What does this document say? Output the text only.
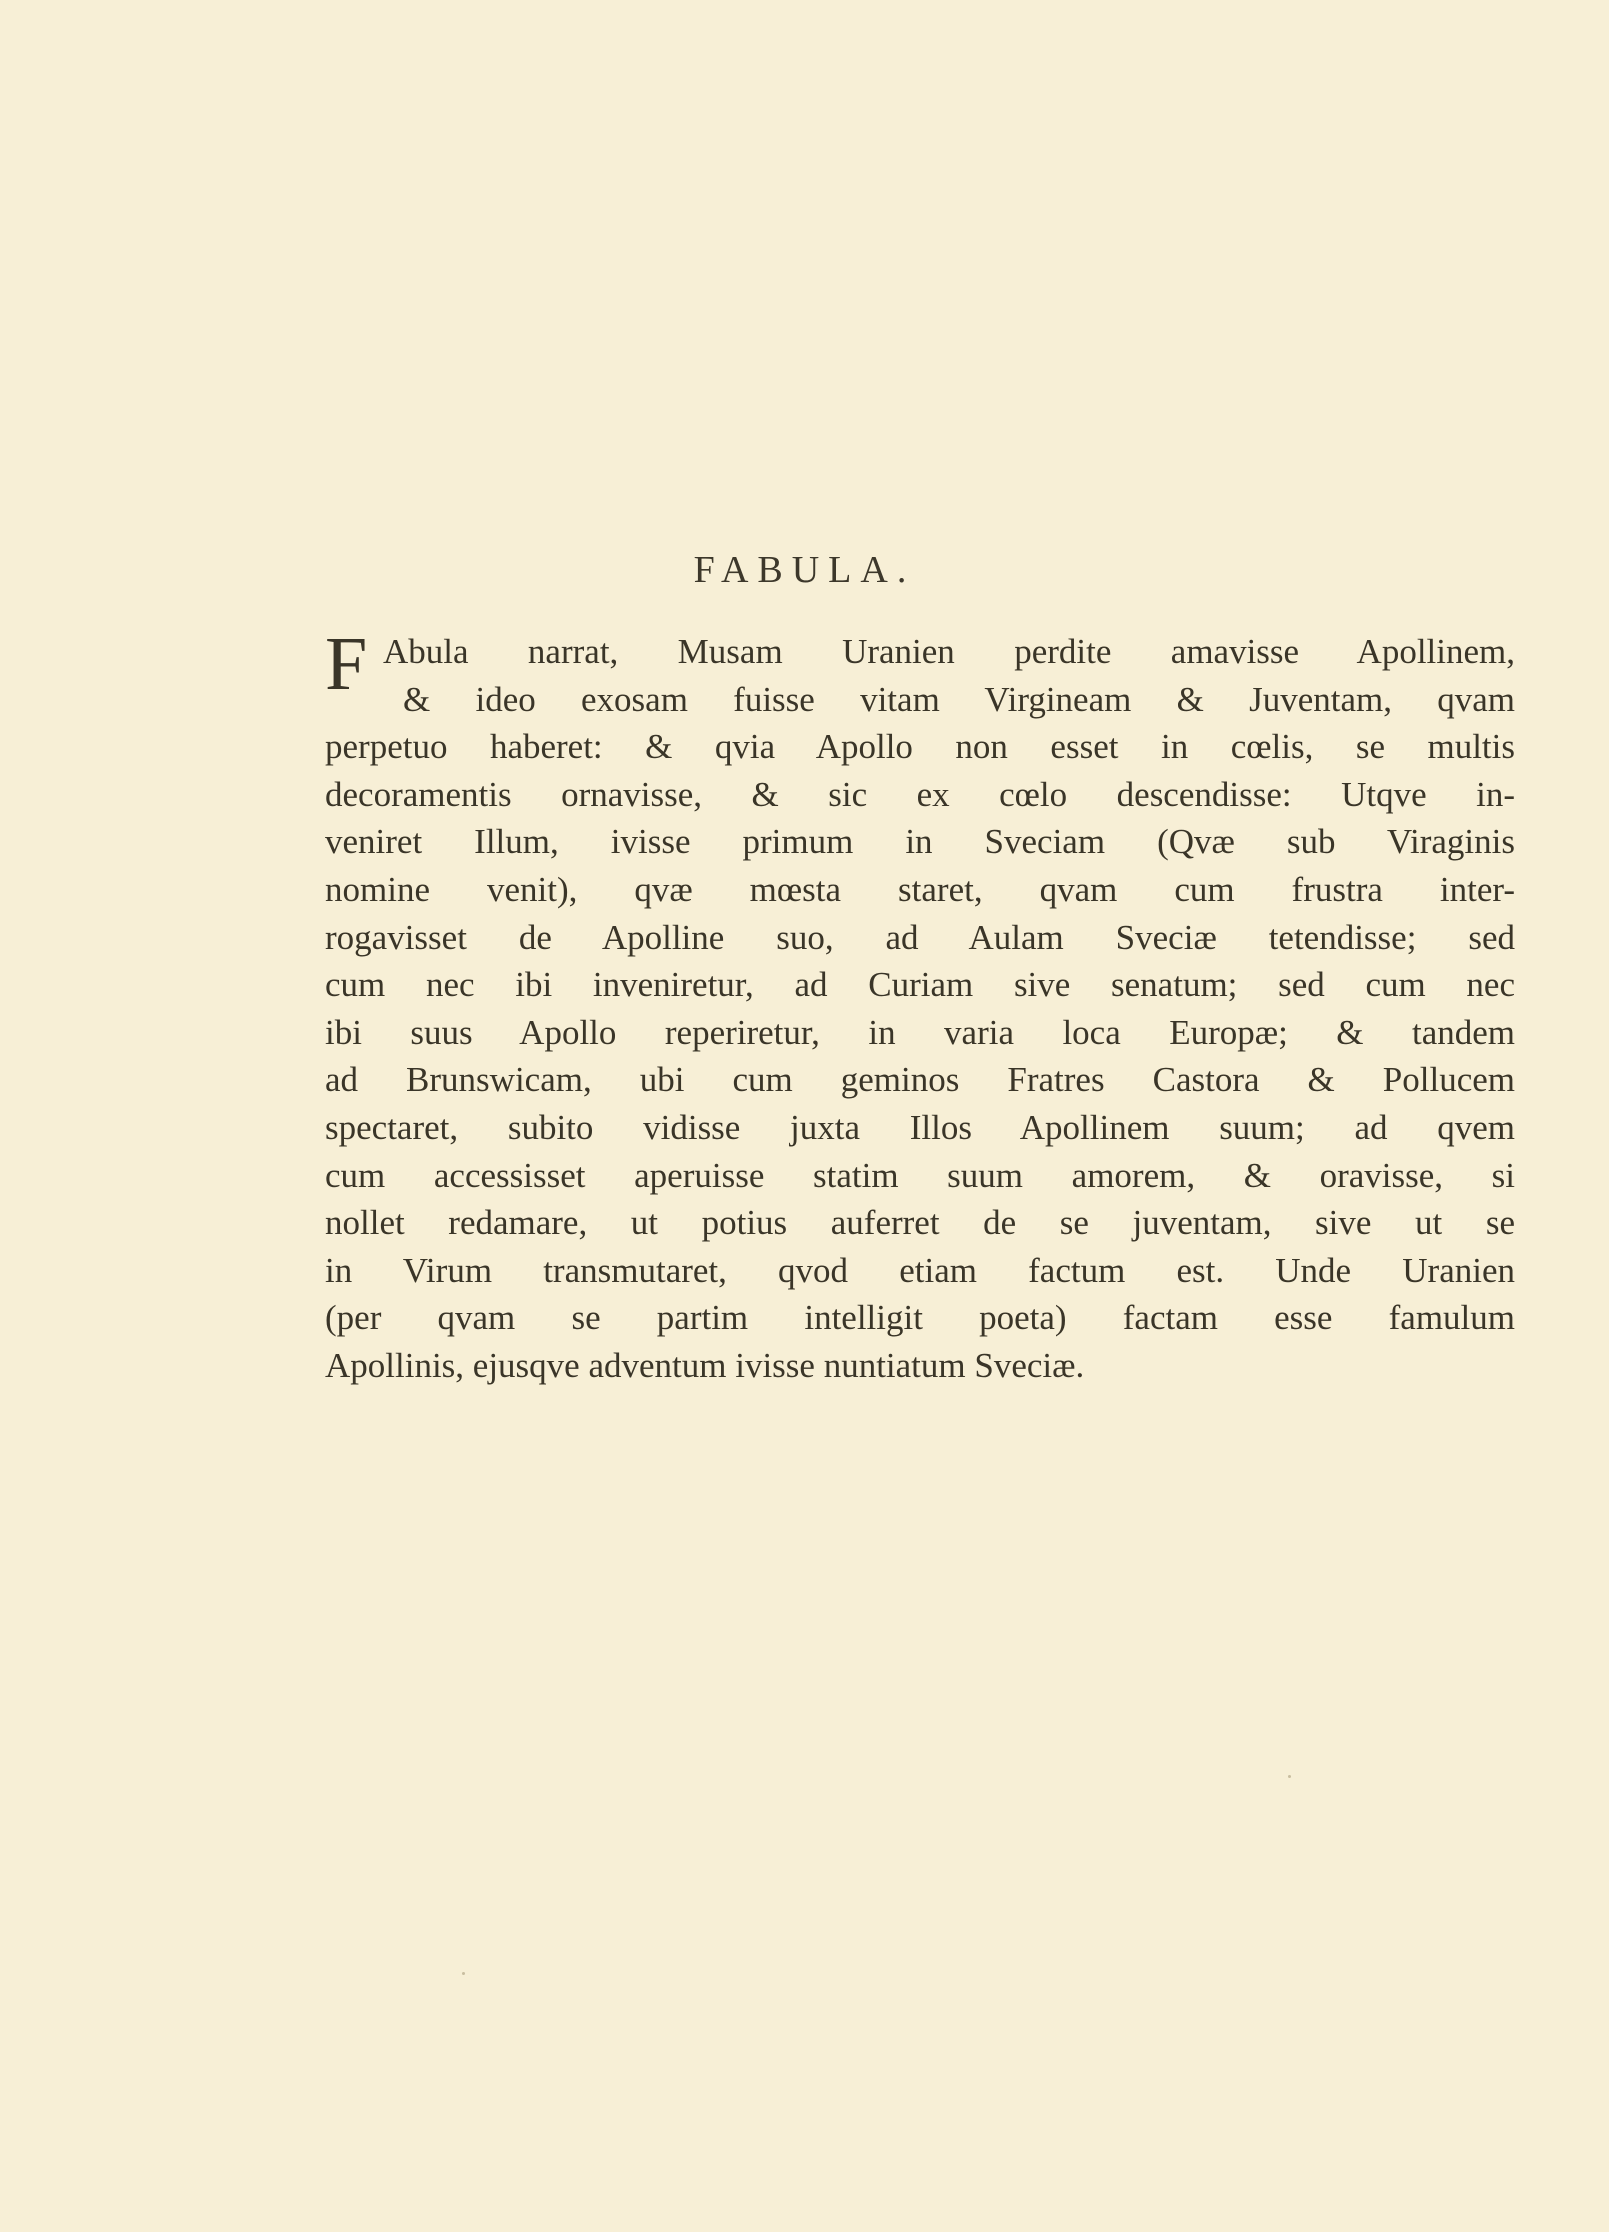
FABULA.
F Abula narrat, Musam Uranien perdite amavisse Apollinem,
& ideo exosam fuisse vitam Virgineam & Juventam, qvam
perpetuo haberet: & qvia Apollo non esset in cœlis, se multis
decoramentis ornavisse, & sic ex cœlo descendisse: Utqve in-
veniret Illum, ivisse primum in Sveciam (Qvæ sub Viraginis
nomine venit), qvæ mœsta staret, qvam cum frustra inter-
rogavisset de Apolline suo, ad Aulam Sveciæ tetendisse; sed
cum nec ibi inveniretur, ad Curiam sive senatum; sed cum nec
ibi suus Apollo reperiretur, in varia loca Europæ; & tandem
ad Brunswicam, ubi cum geminos Fratres Castora & Pollucem
spectaret, subito vidisse juxta Illos Apollinem suum; ad qvem
cum accessisset aperuisse statim suum amorem, & oravisse, si
nollet redamare, ut potius auferret de se juventam, sive ut se
in Virum transmutaret, qvod etiam factum est. Unde Uranien
(per qvam se partim intelligit poeta) factam esse famulum
Apollinis, ejusqve adventum ivisse nuntiatum Sveciæ.
